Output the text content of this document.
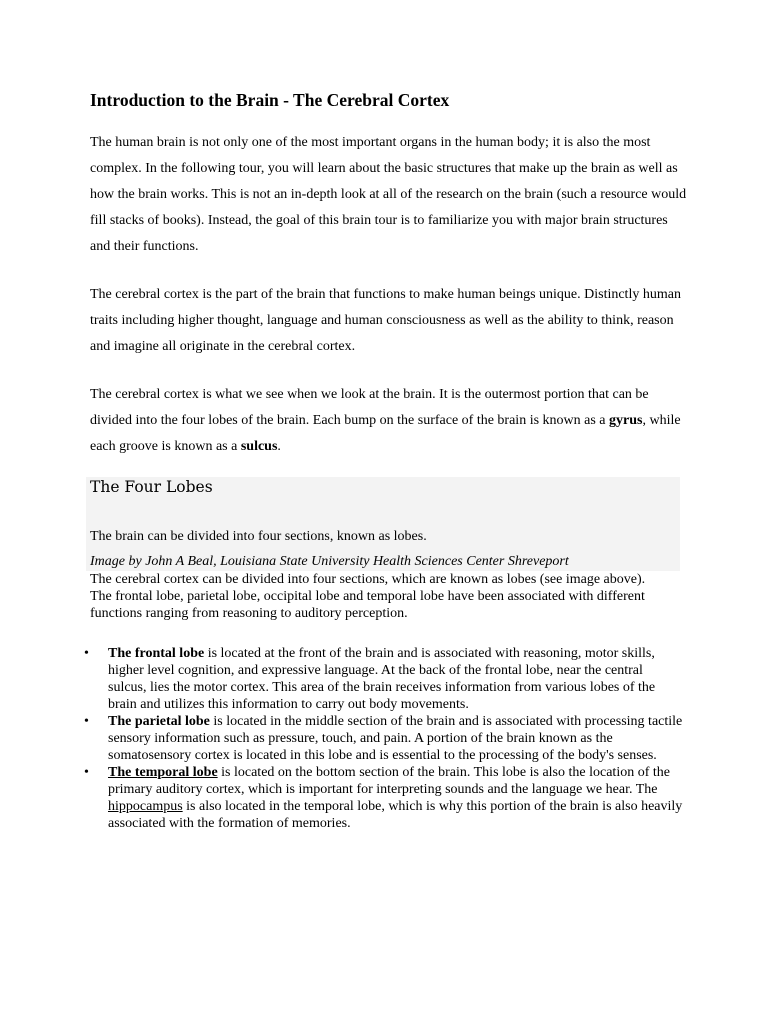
Introduction to the Brain - The Cerebral Cortex

The human brain is not only one of the most important organs in the human body; it is also the most complex. In the following tour, you will learn about the basic structures that make up the brain as well as how the brain works. This is not an in-depth look at all of the research on the brain (such a resource would fill stacks of books). Instead, the goal of this brain tour is to familiarize you with major brain structures and their functions.

The cerebral cortex is the part of the brain that functions to make human beings unique. Distinctly human traits including higher thought, language and human consciousness as well as the ability to think, reason and imagine all originate in the cerebral cortex.

The cerebral cortex is what we see when we look at the brain. It is the outermost portion that can be divided into the four lobes of the brain. Each bump on the surface of the brain is known as a gyrus, while each groove is known as a sulcus.

The Four Lobes

The brain can be divided into four sections, known as lobes.

Image by John A Beal, Louisiana State University Health Sciences Center Shreveport

The cerebral cortex can be divided into four sections, which are known as lobes (see image above). The frontal lobe, parietal lobe, occipital lobe and temporal lobe have been associated with different functions ranging from reasoning to auditory perception.

• The frontal lobe is located at the front of the brain and is associated with reasoning, motor skills, higher level cognition, and expressive language. At the back of the frontal lobe, near the central sulcus, lies the motor cortex. This area of the brain receives information from various lobes of the brain and utilizes this information to carry out body movements.
• The parietal lobe is located in the middle section of the brain and is associated with processing tactile sensory information such as pressure, touch, and pain. A portion of the brain known as the somatosensory cortex is located in this lobe and is essential to the processing of the body's senses.
• The temporal lobe is located on the bottom section of the brain. This lobe is also the location of the primary auditory cortex, which is important for interpreting sounds and the language we hear. The hippocampus is also located in the temporal lobe, which is why this portion of the brain is also heavily associated with the formation of memories.
